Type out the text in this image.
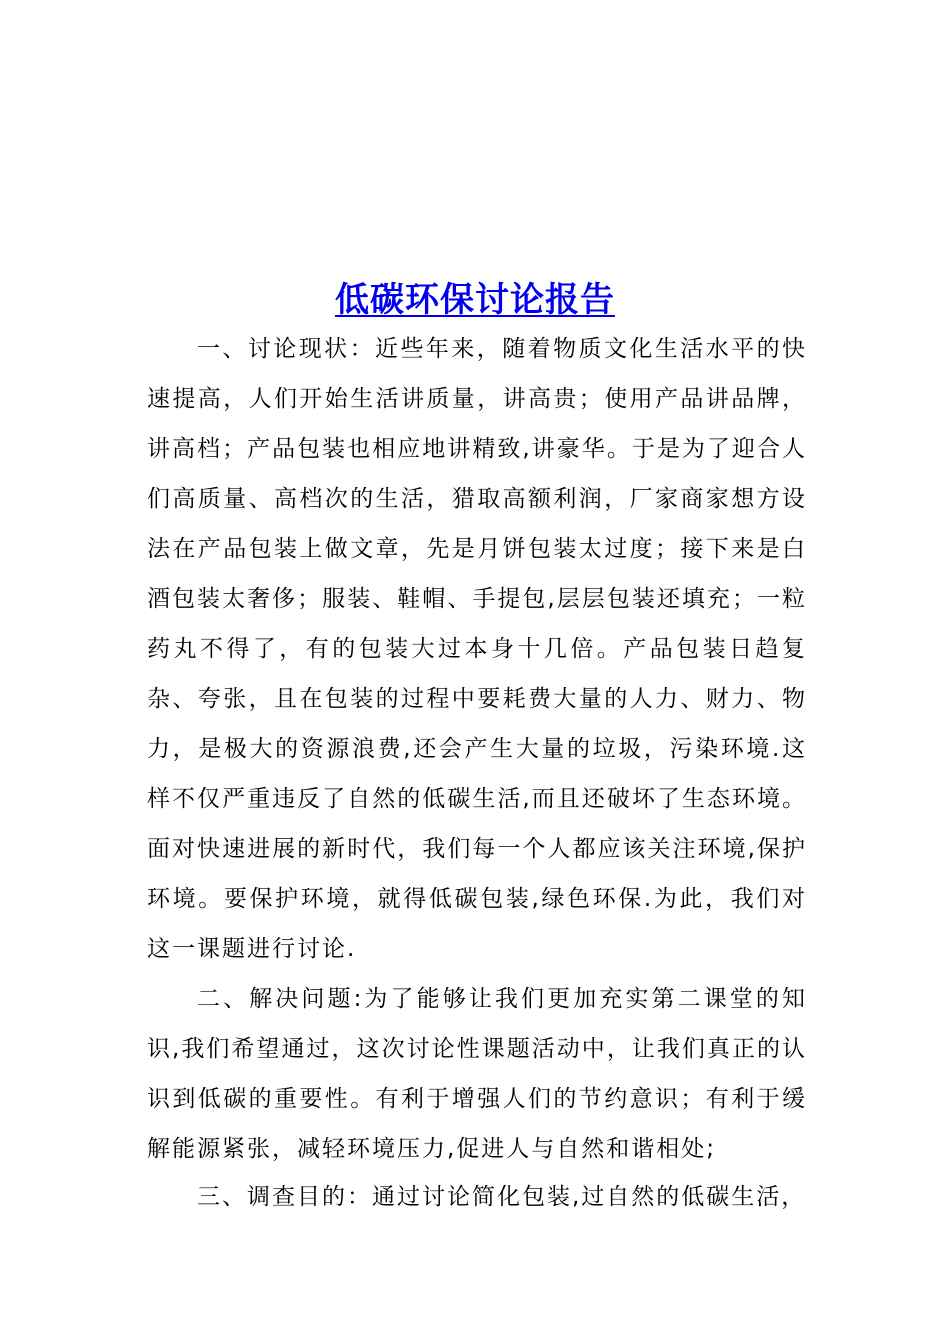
低碳环保讨论报告

一、讨论现状：近些年来，随着物质文化生活水平的快速提高，人们开始生活讲质量，讲高贵；使用产品讲品牌，讲高档；产品包装也相应地讲精致,讲豪华。于是为了迎合人们高质量、高档次的生活，猎取高额利润，厂家商家想方设法在产品包装上做文章，先是月饼包装太过度；接下来是白酒包装太奢侈；服装、鞋帽、手提包,层层包装还填充；一粒药丸不得了，有的包装大过本身十几倍。产品包装日趋复杂、夸张，且在包装的过程中要耗费大量的人力、财力、物力，是极大的资源浪费,还会产生大量的垃圾，污染环境.这样不仅严重违反了自然的低碳生活,而且还破坏了生态环境。面对快速进展的新时代，我们每一个人都应该关注环境,保护环境。要保护环境，就得低碳包装,绿色环保.为此，我们对这一课题进行讨论.

二、解决问题:为了能够让我们更加充实第二课堂的知识,我们希望通过，这次讨论性课题活动中，让我们真正的认识到低碳的重要性。有利于增强人们的节约意识；有利于缓解能源紧张，减轻环境压力,促进人与自然和谐相处;

三、调查目的：通过讨论简化包装,过自然的低碳生活，
